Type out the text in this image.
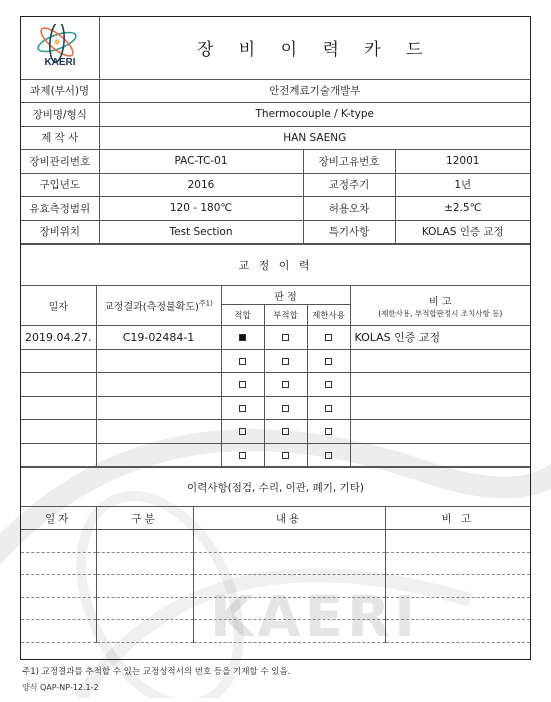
KAERI
KAERI	장 비 이 력 카 드		
과제(부서)명	안전계료기술개발부		
장비명/형식	Thermocouple / K-type		
제 작 사	HAN SAENG		
장비관리번호	PAC-TC-01	장비고유번호	12001
구입년도	2016	교정주기	1년
유효측정범위	120 - 180℃	허용오차	±2.5℃
장비위치	Test Section	특기사항	KOLAS 인증 교정
교 정 이 력					
일자	교정결과(측정불확도)$^{주1)}$	판 정			비 고
(제한사용, 부적합판정시 조치사항 등)

		적합	부적합	제한사용	
2019.04.27.	C19-02484-1				KOLAS 인증 교정

이력사항(점검, 수리, 이관, 폐기, 기타)			
일자	구분	내용	비 고

주1) 교정결과를 추적할 수 있는 교정성적서의 번호 등을 기재할 수 있음.
양식 QAP-NP-12.1-2
